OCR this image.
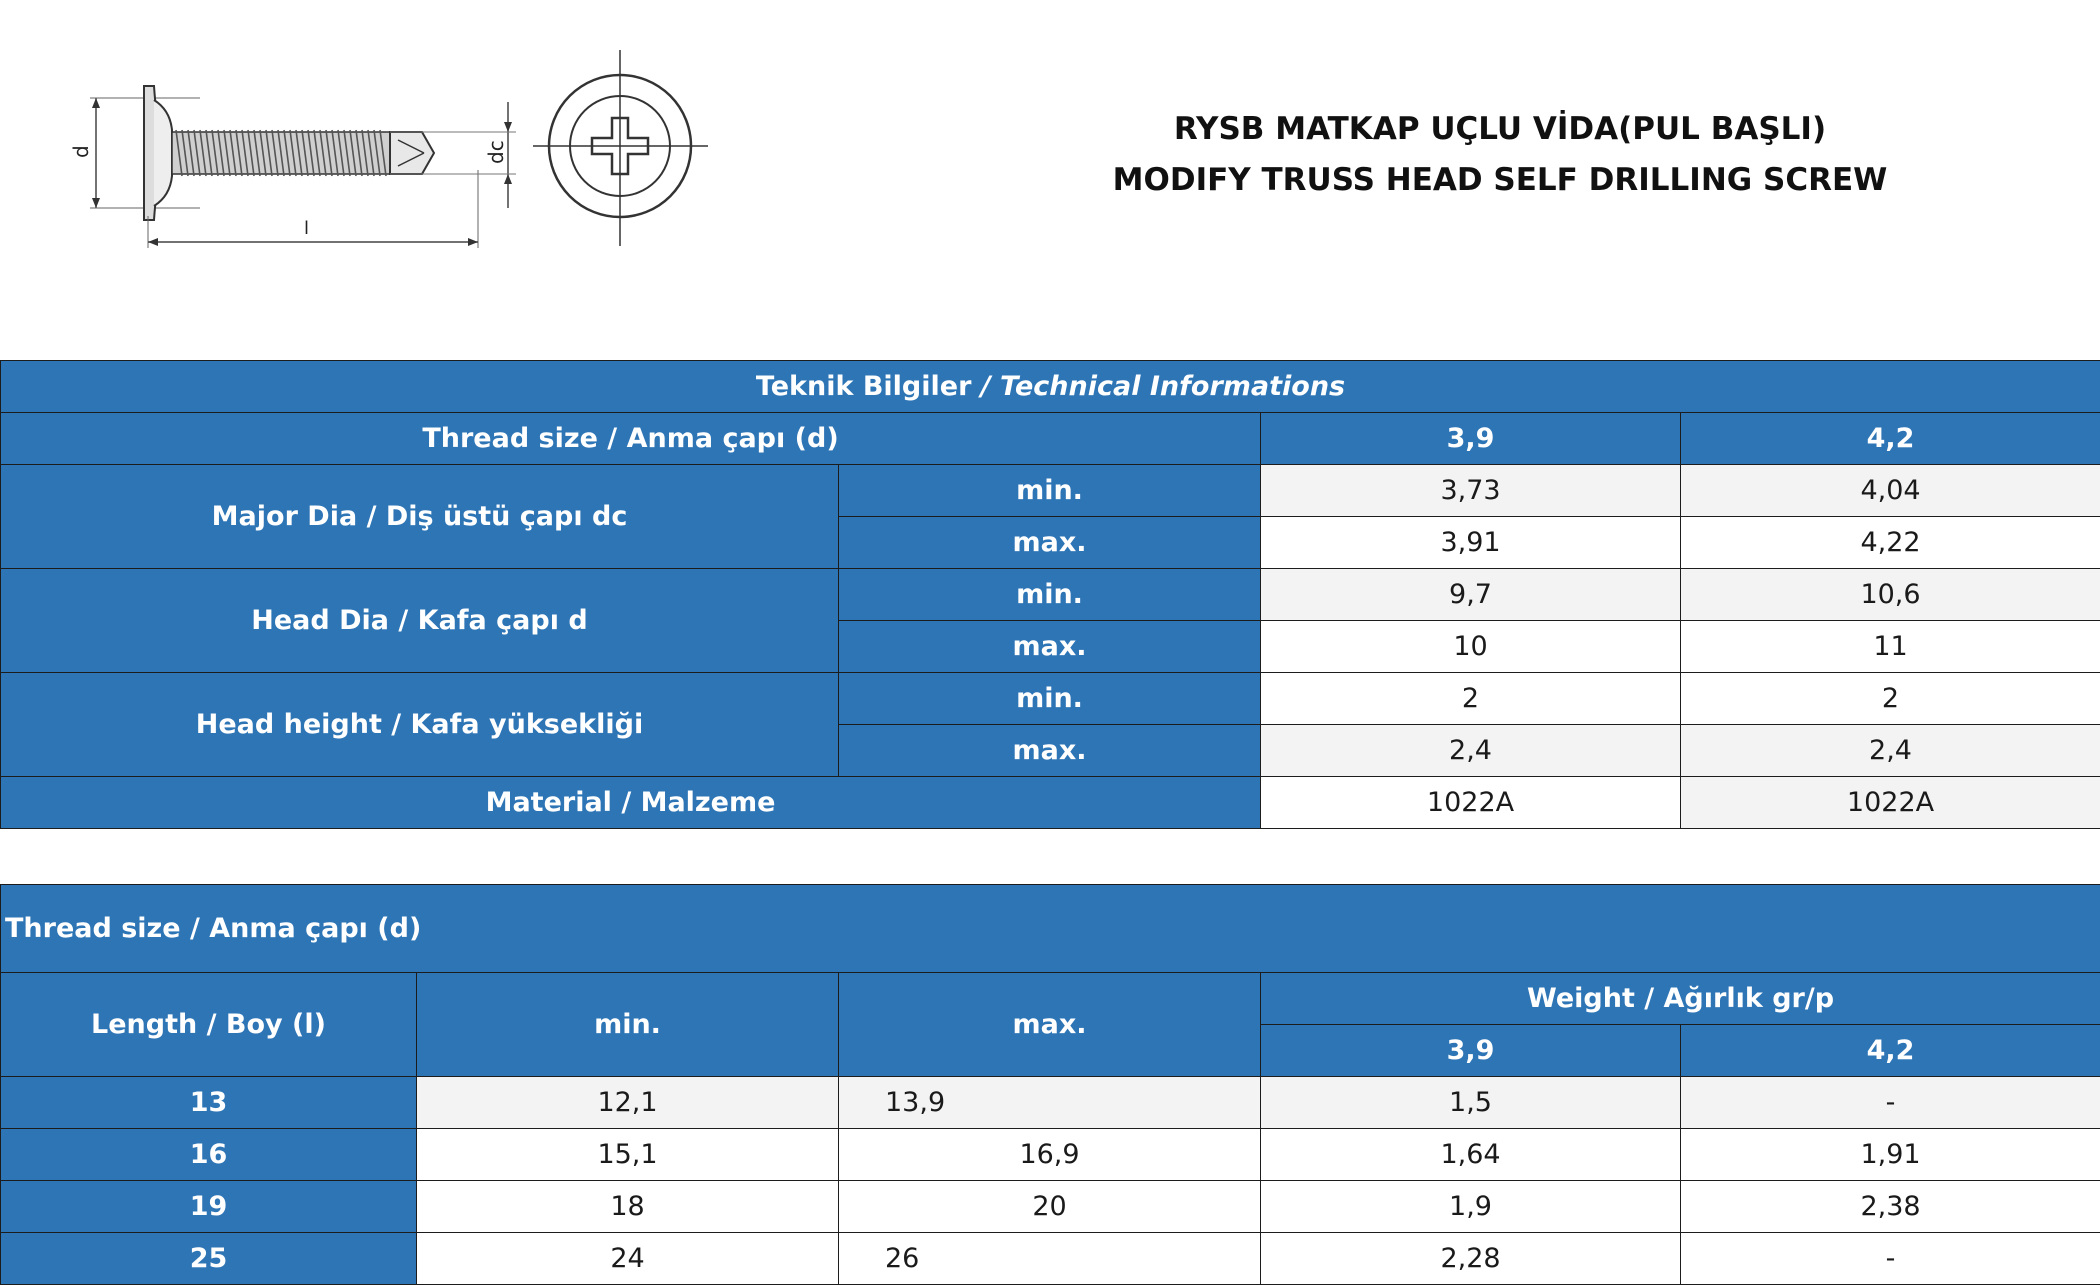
d
l
dc
RYSB MATKAP UÇLU VİDA(PUL BAŞLI)
MODIFY TRUSS HEAD SELF DRILLING SCREW
Teknik Bilgiler / Technical Informations			
Thread size / Anma çapı (d)		3,9	4,2
Major Dia / Diş üstü çapı dc	min.	3,73	4,04
	max.	3,91	4,22
Head Dia / Kafa çapı d	min.	9,7	10,6
	max.	10	11
Head height / Kafa yüksekliği	min.	2	2
	max.	2,4	2,4
Material / Malzeme		1022A	1022A
Thread size / Anma çapı (d)				
Length / Boy (l)	min.	max.	Weight / Ağırlık gr/p	
			3,9	4,2
13	12,1	13,9	1,5	-
16	15,1	16,9	1,64	1,91
19	18	20	1,9	2,38
25	24	26	2,28	-
